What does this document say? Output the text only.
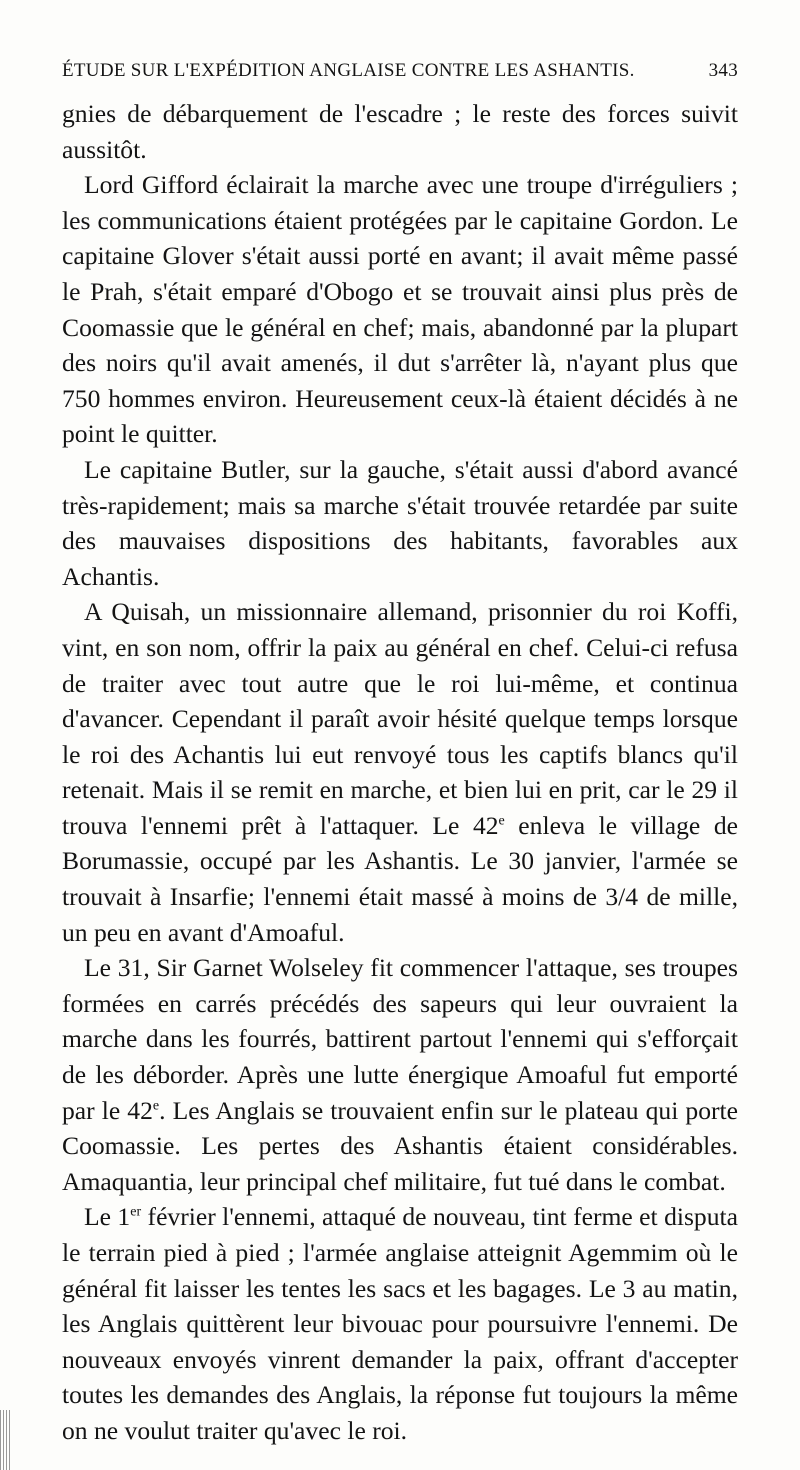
ÉTUDE SUR L'EXPÉDITION ANGLAISE CONTRE LES ASHANTIS.	343

gnies de débarquement de l'escadre ; le reste des forces suivit aussitôt.

Lord Gifford éclairait la marche avec une troupe d'irréguliers ; les communications étaient protégées par le capitaine Gordon. Le capitaine Glover s'était aussi porté en avant; il avait même passé le Prah, s'était emparé d'Obogo et se trouvait ainsi plus près de Coomassie que le général en chef; mais, abandonné par la plupart des noirs qu'il avait amenés, il dut s'arrêter là, n'ayant plus que 750 hommes environ. Heureusement ceux-là étaient décidés à ne point le quitter.

Le capitaine Butler, sur la gauche, s'était aussi d'abord avancé très-rapidement; mais sa marche s'était trouvée retardée par suite des mauvaises dispositions des habitants, favorables aux Achantis.

A Quisah, un missionnaire allemand, prisonnier du roi Koffi, vint, en son nom, offrir la paix au général en chef. Celui-ci refusa de traiter avec tout autre que le roi lui-même, et continua d'avancer. Cependant il paraît avoir hésité quelque temps lorsque le roi des Achantis lui eut renvoyé tous les captifs blancs qu'il retenait. Mais il se remit en marche, et bien lui en prit, car le 29 il trouva l'ennemi prêt à l'attaquer. Le 42e enleva le village de Borumassie, occupé par les Ashantis. Le 30 janvier, l'armée se trouvait à Insarfie; l'ennemi était massé à moins de 3/4 de mille, un peu en avant d'Amoaful.

Le 31, Sir Garnet Wolseley fit commencer l'attaque, ses troupes formées en carrés précédés des sapeurs qui leur ouvraient la marche dans les fourrés, battirent partout l'ennemi qui s'efforçait de les déborder. Après une lutte énergique Amoaful fut emporté par le 42e. Les Anglais se trouvaient enfin sur le plateau qui porte Coomassie. Les pertes des Ashantis étaient considérables. Amaquantia, leur principal chef militaire, fut tué dans le combat.

Le 1er février l'ennemi, attaqué de nouveau, tint ferme et disputa le terrain pied à pied ; l'armée anglaise atteignit Agemmim où le général fit laisser les tentes les sacs et les bagages. Le 3 au matin, les Anglais quittèrent leur bivouac pour poursuivre l'ennemi. De nouveaux envoyés vinrent demander la paix, offrant d'accepter toutes les demandes des Anglais, la réponse fut toujours la même on ne voulut traiter qu'avec le roi.
